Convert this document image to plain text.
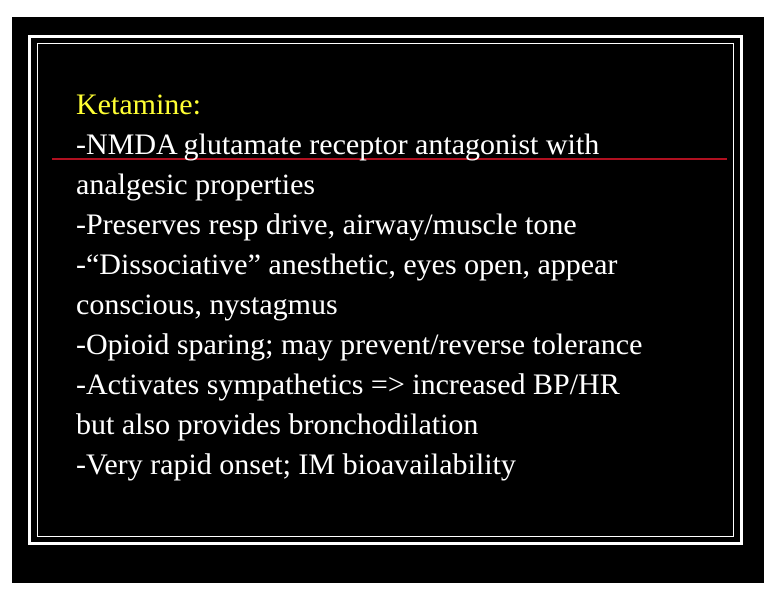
Ketamine:
-NMDA glutamate receptor antagonist with
analgesic properties
-Preserves resp drive, airway/muscle tone
-“Dissociative” anesthetic, eyes open, appear
conscious, nystagmus
-Opioid sparing; may prevent/reverse tolerance
-Activates sympathetics => increased BP/HR
but also provides bronchodilation
-Very rapid onset; IM bioavailability
